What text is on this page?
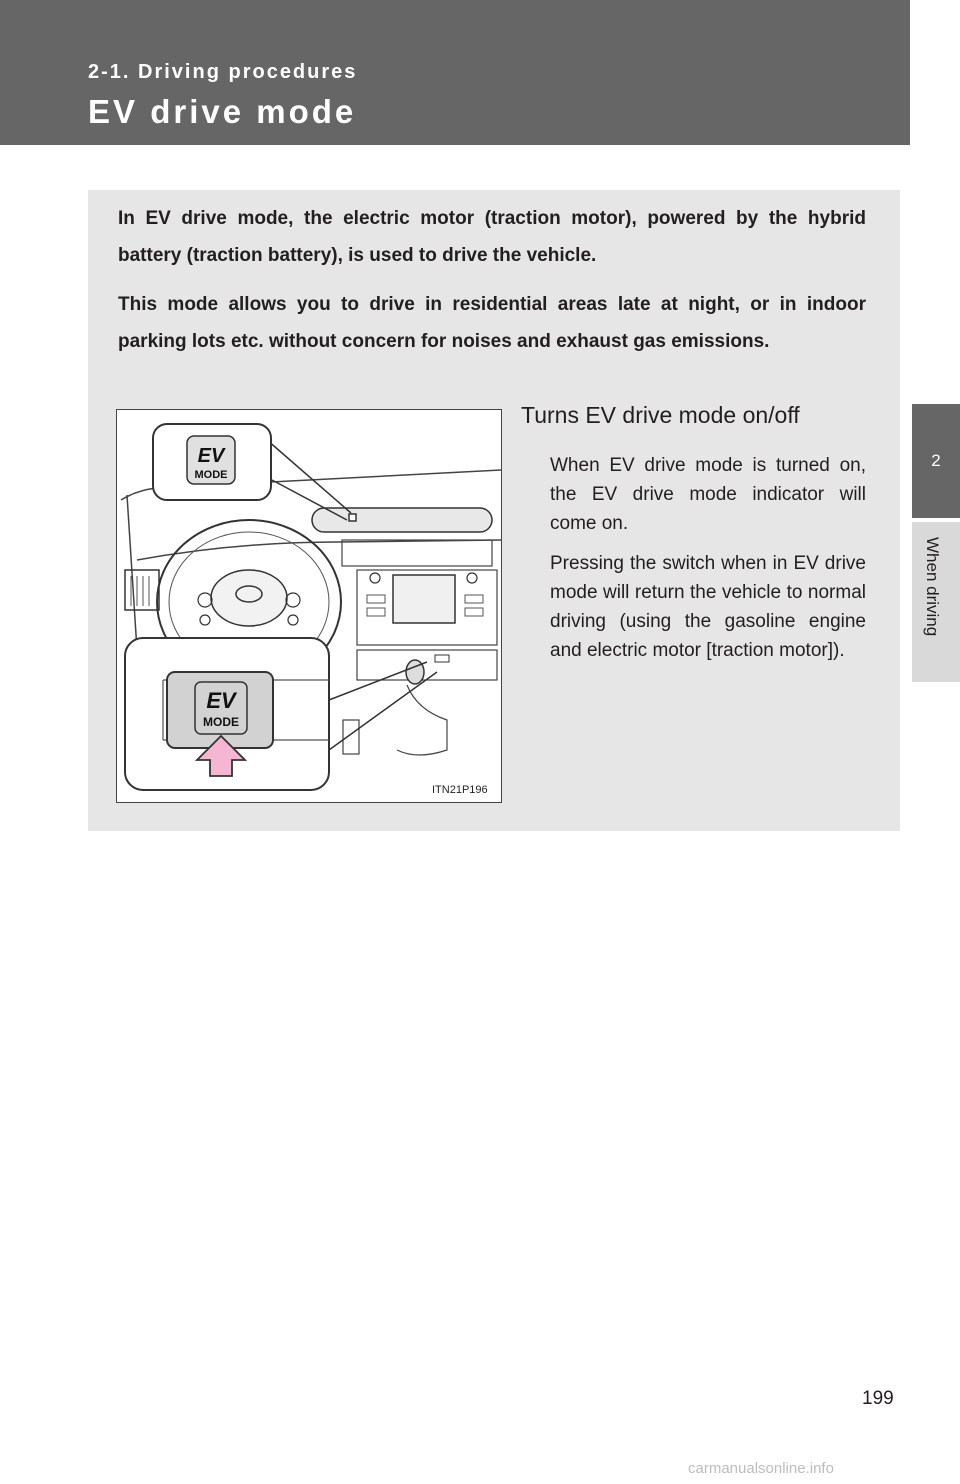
2-1. Driving procedures
EV drive mode
2
When driving

In EV drive mode, the electric motor (traction motor), powered by the hybrid battery (traction battery), is used to drive the vehicle.

This mode allows you to drive in residential areas late at night, or in indoor parking lots etc. without concern for noises and exhaust gas emissions.

EV
MODE
EV
MODE
ITN21P196
Turns EV drive mode on/off

When EV drive mode is turned on, the EV drive mode indicator will come on.

Pressing the switch when in EV drive mode will return the vehicle to normal driving (using the gasoline engine and electric motor [traction motor]).

199
carmanualsonline.info
